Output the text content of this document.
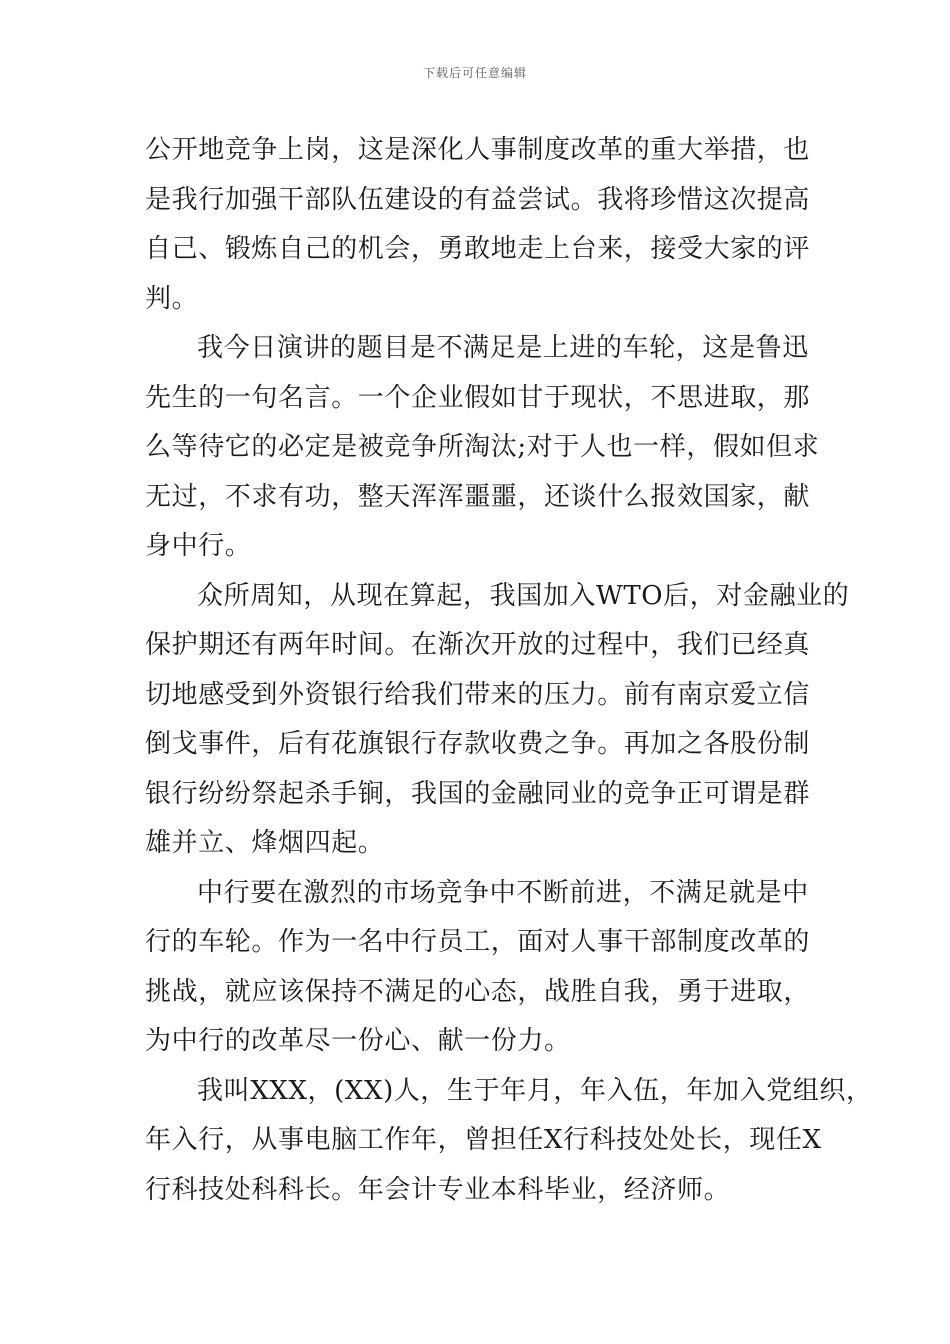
下载后可任意编辑
公开地竞争上岗，这是深化人事制度改革的重大举措，也
是我行加强干部队伍建设的有益尝试。我将珍惜这次提高
自己、锻炼自己的机会，勇敢地走上台来，接受大家的评
判。
我今日演讲的题目是不满足是上进的车轮，这是鲁迅
先生的一句名言。一个企业假如甘于现状，不思进取，那
么等待它的必定是被竞争所淘汰;对于人也一样，假如但求
无过，不求有功，整天浑浑噩噩，还谈什么报效国家，献
身中行。
众所周知，从现在算起，我国加入WTO后，对金融业的
保护期还有两年时间。在渐次开放的过程中，我们已经真
切地感受到外资银行给我们带来的压力。前有南京爱立信
倒戈事件，后有花旗银行存款收费之争。再加之各股份制
银行纷纷祭起杀手锏，我国的金融同业的竞争正可谓是群
雄并立、烽烟四起。
中行要在激烈的市场竞争中不断前进，不满足就是中
行的车轮。作为一名中行员工，面对人事干部制度改革的
挑战，就应该保持不满足的心态，战胜自我，勇于进取，
为中行的改革尽一份心、献一份力。
我叫XXX，(XX)人，生于年月，年入伍，年加入党组织，
年入行，从事电脑工作年，曾担任X行科技处处长，现任X
行科技处科科长。年会计专业本科毕业，经济师。
